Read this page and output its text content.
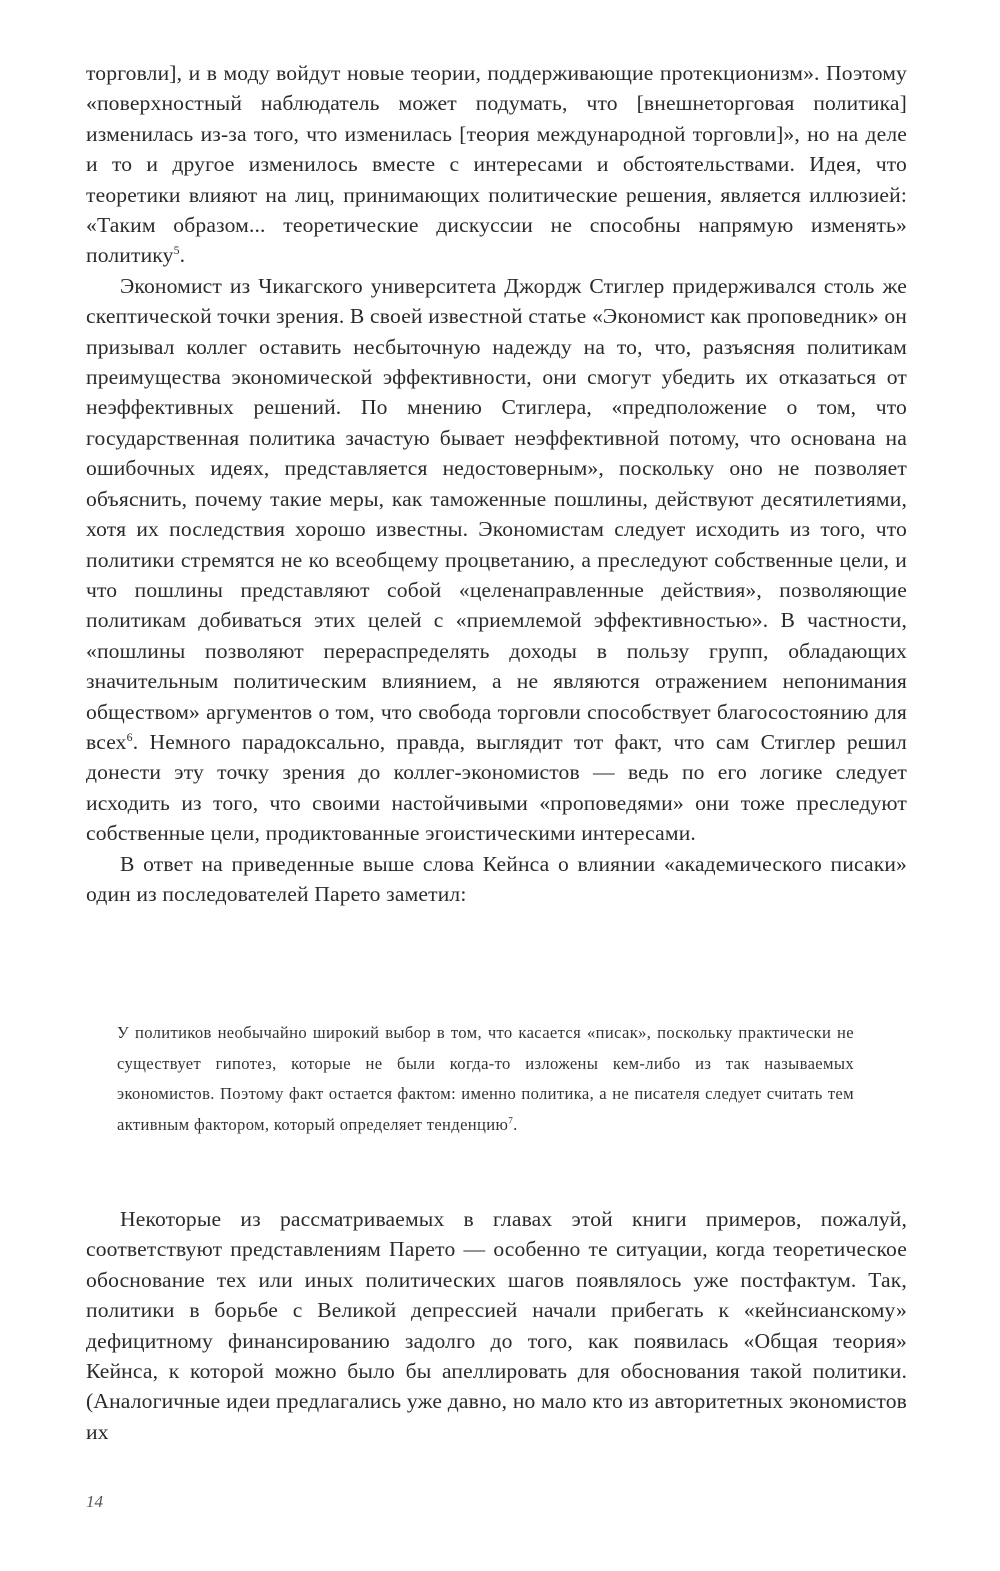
торговли], и в моду войдут новые теории, поддерживающие протекционизм». Поэтому «поверхностный наблюдатель может подумать, что [внешнеторговая политика] изменилась из-за того, что изменилась [теория международной торговли]», но на деле и то и другое изменилось вместе с интересами и обстоятельствами. Идея, что теоретики влияют на лиц, принимающих политические решения, является иллюзией: «Таким образом... теоретические дискуссии не способны напрямую изменять» политику$^5$.

Экономист из Чикагского университета Джордж Стиглер придерживался столь же скептической точки зрения. В своей известной статье «Экономист как проповедник» он призывал коллег оставить несбыточную надежду на то, что, разъясняя политикам преимущества экономической эффективности, они смогут убедить их отказаться от неэффективных решений. По мнению Стиглера, «предположение о том, что государственная политика зачастую бывает неэффективной потому, что основана на ошибочных идеях, представляется недостоверным», поскольку оно не позволяет объяснить, почему такие меры, как таможенные пошлины, действуют десятилетиями, хотя их последствия хорошо известны. Экономистам следует исходить из того, что политики стремятся не ко всеобщему процветанию, а преследуют собственные цели, и что пошлины представляют собой «целенаправленные действия», позволяющие политикам добиваться этих целей с «приемлемой эффективностью». В частности, «пошлины позволяют перераспределять доходы в пользу групп, обладающих значительным политическим влиянием, а не являются отражением непонимания обществом» аргументов о том, что свобода торговли способствует благосостоянию для всех$^6$. Немного парадоксально, правда, выглядит тот факт, что сам Стиглер решил донести эту точку зрения до коллег-экономистов — ведь по его логике следует исходить из того, что своими настойчивыми «проповедями» они тоже преследуют собственные цели, продиктованные эгоистическими интересами.

В ответ на приведенные выше слова Кейнса о влиянии «академического писаки» один из последователей Парето заметил:

У политиков необычайно широкий выбор в том, что касается «писак», поскольку практически не существует гипотез, которые не были когда-то изложены кем-либо из так называемых экономистов. Поэтому факт остается фактом: именно политика, а не писателя следует считать тем активным фактором, который определяет тенденцию$^7$.

Некоторые из рассматриваемых в главах этой книги примеров, пожалуй, соответствуют представлениям Парето — особенно те ситуации, когда теоретическое обоснование тех или иных политических шагов появлялось уже постфактум. Так, политики в борьбе с Великой депрессией начали прибегать к «кейнсианскому» дефицитному финансированию задолго до того, как появилась «Общая теория» Кейнса, к которой можно было бы апеллировать для обоснования такой политики. (Аналогичные идеи предлагались уже давно, но мало кто из авторитетных экономистов их

14
